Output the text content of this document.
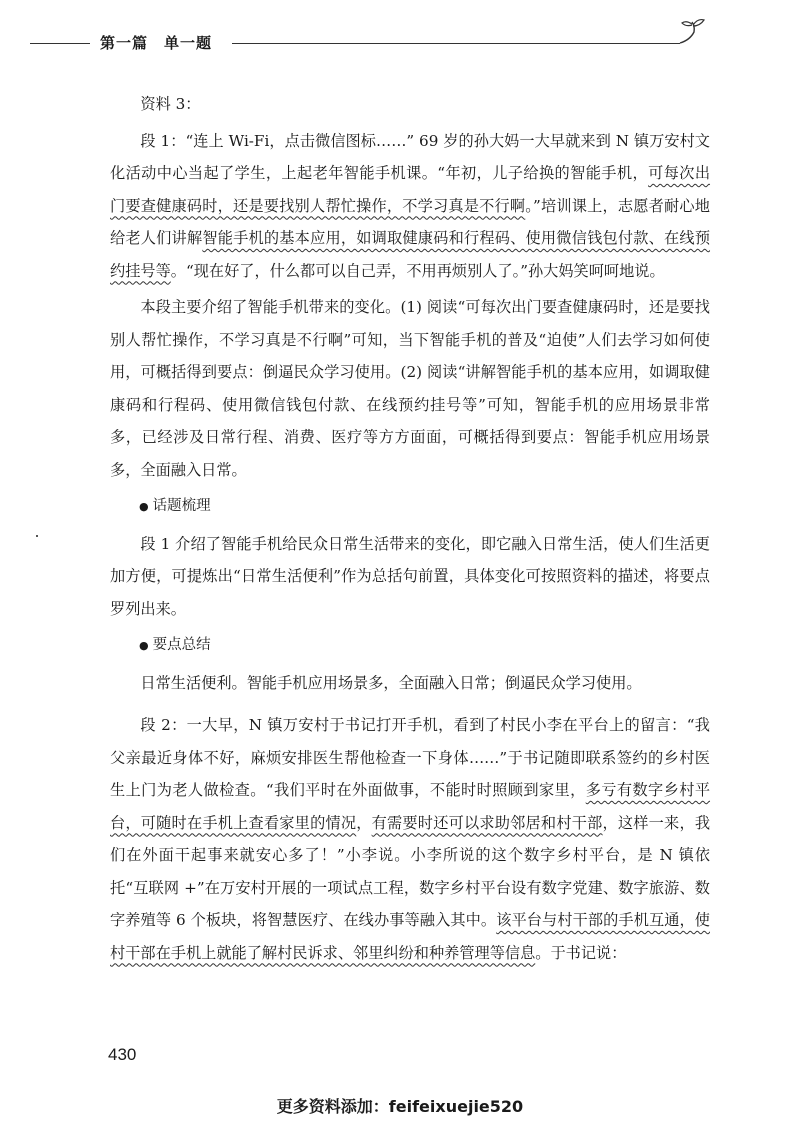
第一篇　单一题

资料 3：

段 1：“连上 Wi-Fi，点击微信图标……” 69 岁的孙大妈一大早就来到 N 镇万安村文化活动中心当起了学生，上起老年智能手机课。“年初，儿子给换的智能手机，可每次出门要查健康码时，还是要找别人帮忙操作，不学习真是不行啊。”培训课上，志愿者耐心地给老人们讲解智能手机的基本应用，如调取健康码和行程码、使用微信钱包付款、在线预约挂号等。“现在好了，什么都可以自己弄，不用再烦别人了。”孙大妈笑呵呵地说。

本段主要介绍了智能手机带来的变化。(1) 阅读“可每次出门要查健康码时，还是要找别人帮忙操作，不学习真是不行啊”可知，当下智能手机的普及“迫使”人们去学习如何使用，可概括得到要点：倒逼民众学习使用。(2) 阅读“讲解智能手机的基本应用，如调取健康码和行程码、使用微信钱包付款、在线预约挂号等”可知，智能手机的应用场景非常多，已经涉及日常行程、消费、医疗等方方面面，可概括得到要点：智能手机应用场景多，全面融入日常。

● 话题梳理

段 1 介绍了智能手机给民众日常生活带来的变化，即它融入日常生活，使人们生活更加方便，可提炼出“日常生活便利”作为总括句前置，具体变化可按照资料的描述，将要点罗列出来。

● 要点总结

日常生活便利。智能手机应用场景多，全面融入日常；倒逼民众学习使用。

段 2：一大早，N 镇万安村于书记打开手机，看到了村民小李在平台上的留言：“我父亲最近身体不好，麻烦安排医生帮他检查一下身体……”于书记随即联系签约的乡村医生上门为老人做检查。“我们平时在外面做事，不能时时照顾到家里，多亏有数字乡村平台，可随时在手机上查看家里的情况，有需要时还可以求助邻居和村干部，这样一来，我们在外面干起事来就安心多了！”小李说。小李所说的这个数字乡村平台，是 N 镇依托“互联网 +”在万安村开展的一项试点工程，数字乡村平台设有数字党建、数字旅游、数字养殖等 6 个板块，将智慧医疗、在线办事等融入其中。该平台与村干部的手机互通，使村干部在手机上就能了解村民诉求、邻里纠纷和种养管理等信息。于书记说：

430
更多资料添加：feifeixuejie520
